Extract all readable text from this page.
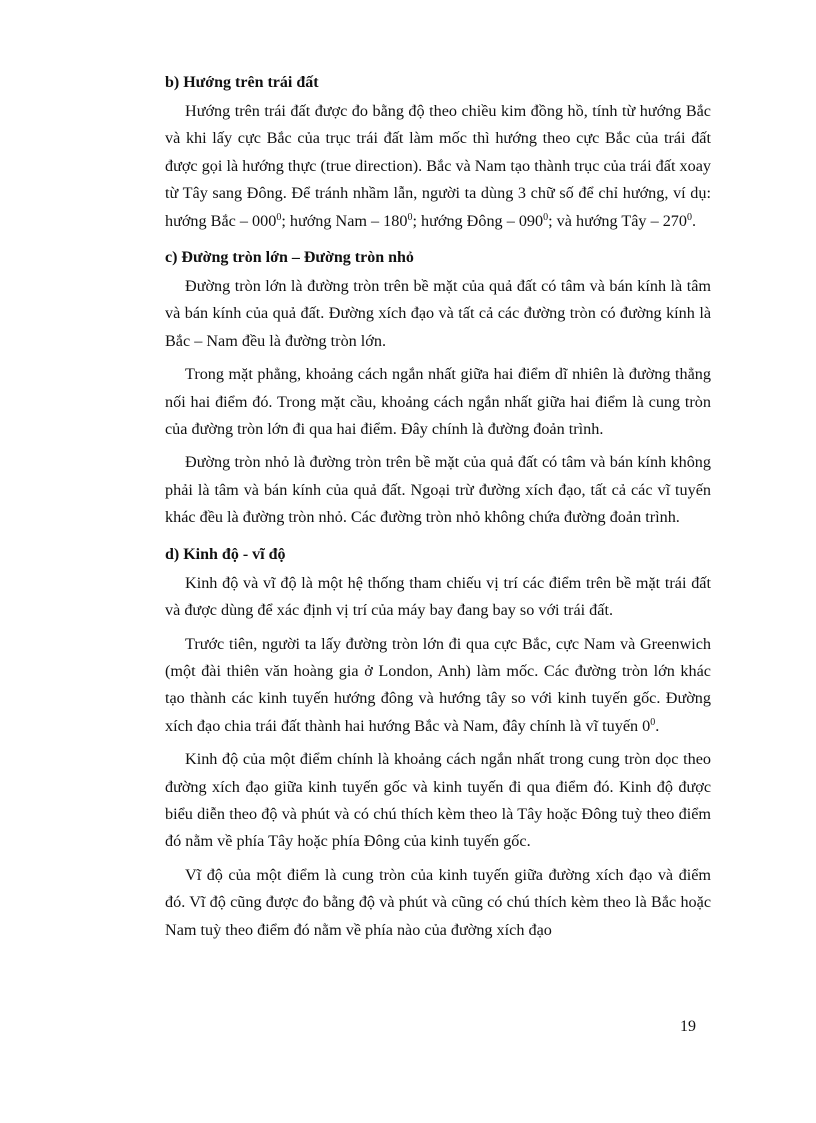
b) Hướng trên trái đất

Hướng trên trái đất được đo bằng độ theo chiều kim đồng hồ, tính từ hướng Bắc và khi lấy cực Bắc của trục trái đất làm mốc thì hướng theo cực Bắc của trái đất được gọi là hướng thực (true direction). Bắc và Nam tạo thành trục của trái đất xoay từ Tây sang Đông. Để tránh nhầm lẫn, người ta dùng 3 chữ số để chỉ hướng, ví dụ: hướng Bắc – $000^0$; hướng Nam – $180^0$; hướng Đông – $090^0$; và hướng Tây – $270^0$.

c) Đường tròn lớn – Đường tròn nhỏ

Đường tròn lớn là đường tròn trên bề mặt của quả đất có tâm và bán kính là tâm và bán kính của quả đất. Đường xích đạo và tất cả các đường tròn có đường kính là Bắc – Nam đều là đường tròn lớn.

Trong mặt phẳng, khoảng cách ngắn nhất giữa hai điểm dĩ nhiên là đường thẳng nối hai điểm đó. Trong mặt cầu, khoảng cách ngắn nhất giữa hai điểm là cung tròn của đường tròn lớn đi qua hai điểm. Đây chính là đường đoản trình.

Đường tròn nhỏ là đường tròn trên bề mặt của quả đất có tâm và bán kính không phải là tâm và bán kính của quả đất. Ngoại trừ đường xích đạo, tất cả các vĩ tuyến khác đều là đường tròn nhỏ. Các đường tròn nhỏ không chứa đường đoản trình.

d) Kinh độ - vĩ độ

Kinh độ và vĩ độ là một hệ thống tham chiếu vị trí các điểm trên bề mặt trái đất và được dùng để xác định vị trí của máy bay đang bay so với trái đất.

Trước tiên, người ta lấy đường tròn lớn đi qua cực Bắc, cực Nam và Greenwich (một đài thiên văn hoàng gia ở London, Anh) làm mốc. Các đường tròn lớn khác tạo thành các kinh tuyến hướng đông và hướng tây so với kinh tuyến gốc. Đường xích đạo chia trái đất thành hai hướng Bắc và Nam, đây chính là vĩ tuyến $0^0$.

Kinh độ của một điểm chính là khoảng cách ngắn nhất trong cung tròn dọc theo đường xích đạo giữa kinh tuyến gốc và kinh tuyến đi qua điểm đó. Kinh độ được biểu diễn theo độ và phút và có chú thích kèm theo là Tây hoặc Đông tuỳ theo điểm đó nằm về phía Tây hoặc phía Đông của kinh tuyến gốc.

Vĩ độ của một điểm là cung tròn của kinh tuyến giữa đường xích đạo và điểm đó. Vĩ độ cũng được đo bằng độ và phút và cũng có chú thích kèm theo là Bắc hoặc Nam tuỳ theo điểm đó nằm về phía nào của đường xích đạo

19
